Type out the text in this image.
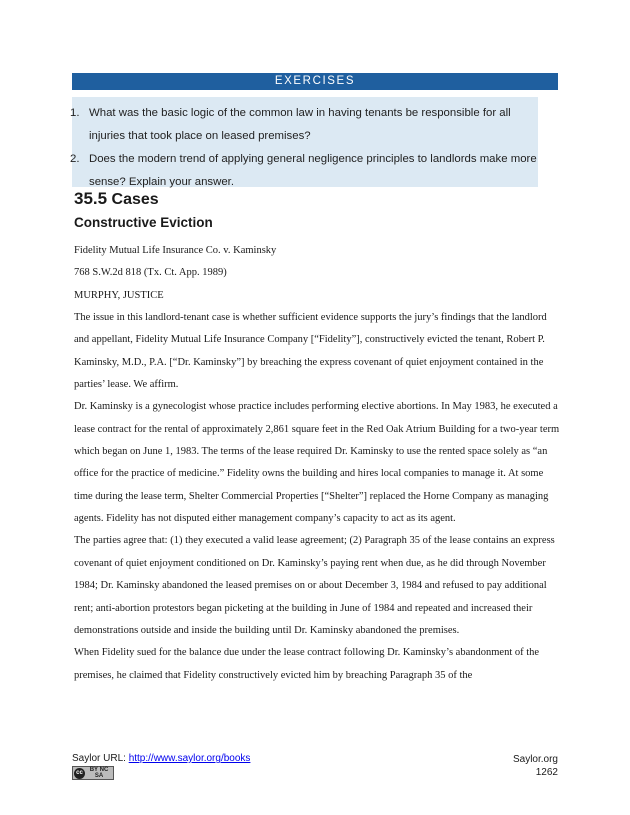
EXERCISES
1. What was the basic logic of the common law in having tenants be responsible for all injuries that took place on leased premises?
2. Does the modern trend of applying general negligence principles to landlords make more sense? Explain your answer.
35.5 Cases
Constructive Eviction

Fidelity Mutual Life Insurance Co. v. Kaminsky

768 S.W.2d 818 (Tx. Ct. App. 1989)

MURPHY, JUSTICE

The issue in this landlord-tenant case is whether sufficient evidence supports the jury’s findings that the landlord and appellant, Fidelity Mutual Life Insurance Company [“Fidelity”], constructively evicted the tenant, Robert P. Kaminsky, M.D., P.A. [“Dr. Kaminsky”] by breaching the express covenant of quiet enjoyment contained in the parties’ lease. We affirm.

Dr. Kaminsky is a gynecologist whose practice includes performing elective abortions. In May 1983, he executed a lease contract for the rental of approximately 2,861 square feet in the Red Oak Atrium Building for a two-year term which began on June 1, 1983. The terms of the lease required Dr. Kaminsky to use the rented space solely as “an office for the practice of medicine.” Fidelity owns the building and hires local companies to manage it. At some time during the lease term, Shelter Commercial Properties [“Shelter”] replaced the Horne Company as managing agents. Fidelity has not disputed either management company’s capacity to act as its agent.

The parties agree that: (1) they executed a valid lease agreement; (2) Paragraph 35 of the lease contains an express covenant of quiet enjoyment conditioned on Dr. Kaminsky’s paying rent when due, as he did through November 1984; Dr. Kaminsky abandoned the leased premises on or about December 3, 1984 and refused to pay additional rent; anti-abortion protestors began picketing at the building in June of 1984 and repeated and increased their demonstrations outside and inside the building until Dr. Kaminsky abandoned the premises.

When Fidelity sued for the balance due under the lease contract following Dr. Kaminsky’s abandonment of the premises, he claimed that Fidelity constructively evicted him by breaching Paragraph 35 of the

Saylor URL: http://www.saylor.org/books
cc	BY NC SA
Saylor.org
1262
